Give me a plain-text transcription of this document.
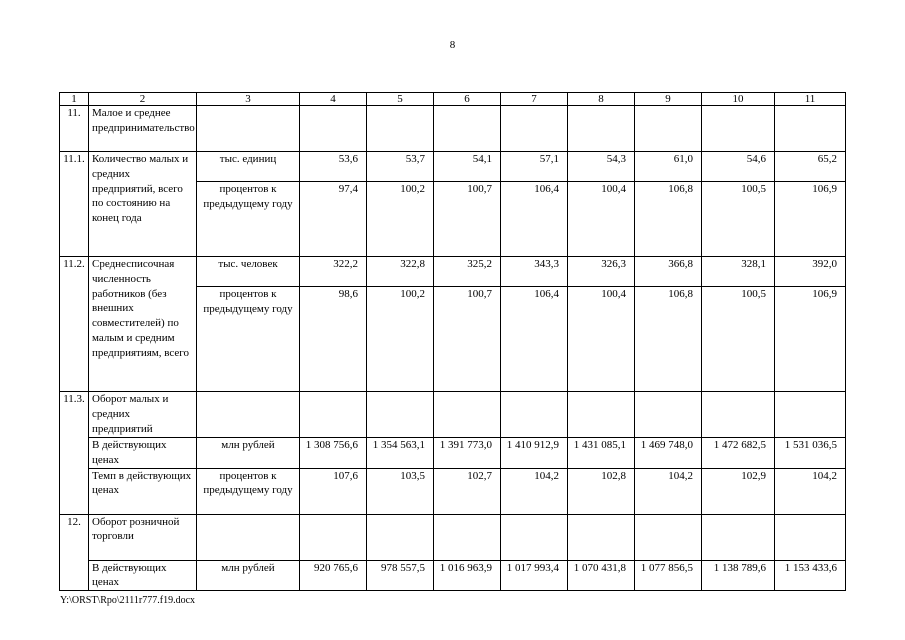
8
1	2	3	4	5	6	7	8	9	10	11
11.	Малое и среднее предпринимательство									
11.1.	Количество малых и средних предприятий, всего по состоянию на конец года	тыс. единиц	53,6	53,7	54,1	57,1	54,3	61,0	54,6	65,2
		процентов к предыдущему году	97,4	100,2	100,7	106,4	100,4	106,8	100,5	106,9
11.2.	Среднесписочная численность работников (без внешних совместителей) по малым и средним предприятиям, всего	тыс. человек	322,2	322,8	325,2	343,3	326,3	366,8	328,1	392,0
		процентов к предыдущему году	98,6	100,2	100,7	106,4	100,4	106,8	100,5	106,9
11.3.	Оборот малых и средних предприятий									
	В действующих ценах	млн рублей	1 308 756,6	1 354 563,1	1 391 773,0	1 410 912,9	1 431 085,1	1 469 748,0	1 472 682,5	1 531 036,5
	Темп в действующих ценах	процентов к предыдущему году	107,6	103,5	102,7	104,2	102,8	104,2	102,9	104,2
12.	Оборот розничной торговли									
	В действующих ценах	млн рублей	920 765,6	978 557,5	1 016 963,9	1 017 993,4	1 070 431,8	1 077 856,5	1 138 789,6	1 153 433,6
Y:\ORST\Rpo\2111r777.f19.docx
